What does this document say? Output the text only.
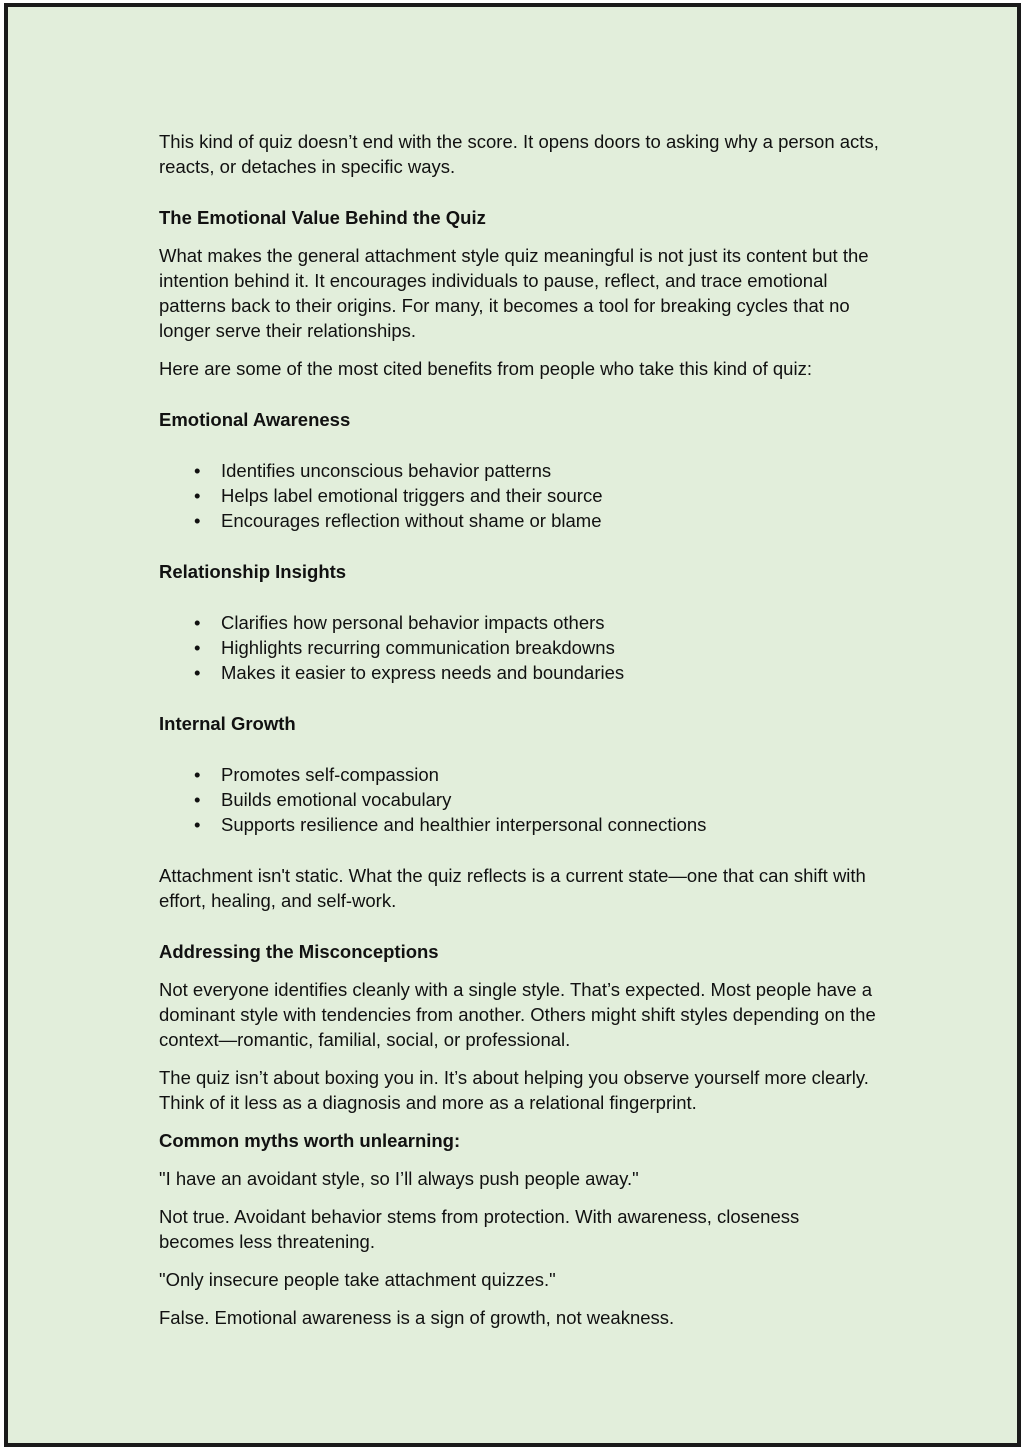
This kind of quiz doesn’t end with the score. It opens doors to asking why a person acts, reacts, or detaches in specific ways.

The Emotional Value Behind the Quiz

What makes the general attachment style quiz meaningful is not just its content but the intention behind it. It encourages individuals to pause, reflect, and trace emotional patterns back to their origins. For many, it becomes a tool for breaking cycles that no longer serve their relationships.

Here are some of the most cited benefits from people who take this kind of quiz:

Emotional Awareness

• Identifies unconscious behavior patterns
• Helps label emotional triggers and their source
• Encourages reflection without shame or blame

Relationship Insights

• Clarifies how personal behavior impacts others
• Highlights recurring communication breakdowns
• Makes it easier to express needs and boundaries

Internal Growth

• Promotes self-compassion
• Builds emotional vocabulary
• Supports resilience and healthier interpersonal connections

Attachment isn't static. What the quiz reflects is a current state—one that can shift with effort, healing, and self-work.

Addressing the Misconceptions

Not everyone identifies cleanly with a single style. That’s expected. Most people have a dominant style with tendencies from another. Others might shift styles depending on the context—romantic, familial, social, or professional.

The quiz isn’t about boxing you in. It’s about helping you observe yourself more clearly. Think of it less as a diagnosis and more as a relational fingerprint.

Common myths worth unlearning:

"I have an avoidant style, so I’ll always push people away."

Not true. Avoidant behavior stems from protection. With awareness, closeness becomes less threatening.

"Only insecure people take attachment quizzes."

False. Emotional awareness is a sign of growth, not weakness.
